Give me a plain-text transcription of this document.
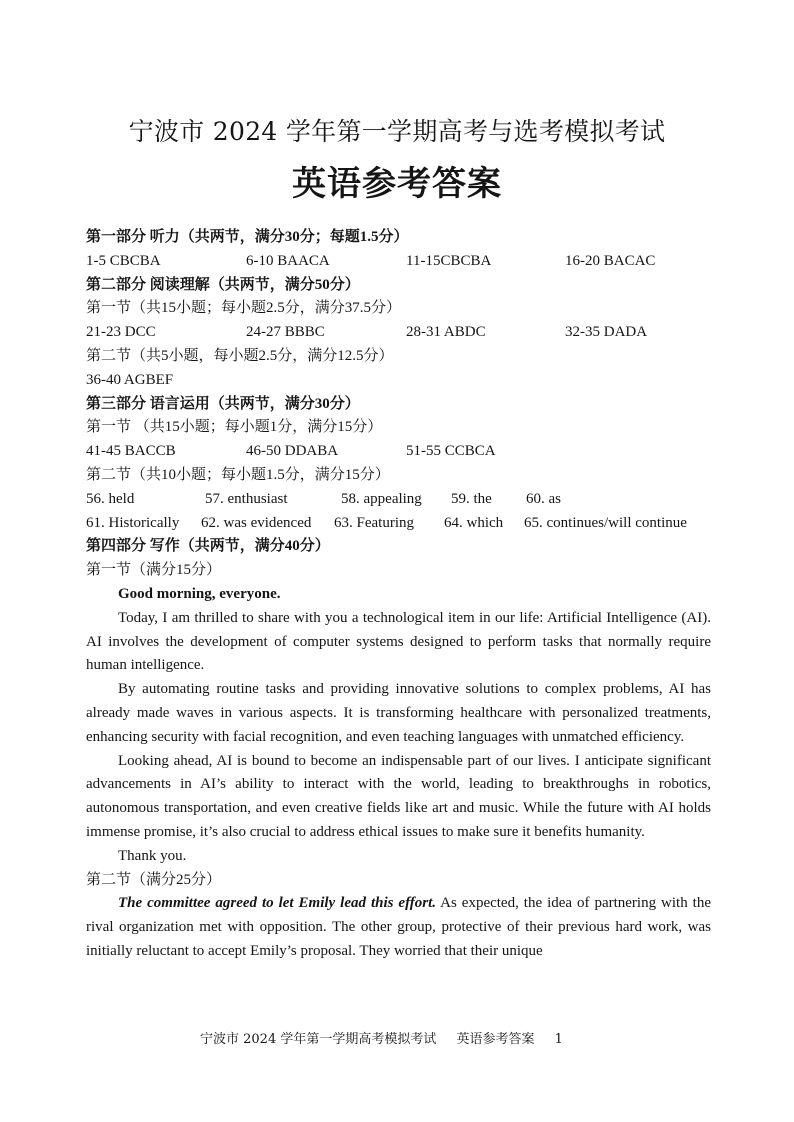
宁波市 2024 学年第一学期高考与选考模拟考试
英语参考答案
第一部分 听力（共两节，满分30分；每题1.5分）
1-5 CBCBA	6-10 BAACA	11-15CBCBA	16-20 BACAC
第二部分 阅读理解（共两节，满分50分）
第一节（共15小题；每小题2.5分，满分37.5分）
21-23 DCC	24-27 BBBC	28-31 ABDC	32-35 DADA
第二节（共5小题，每小题2.5分，满分12.5分）
36-40 AGBEF
第三部分 语言运用（共两节，满分30分）
第一节 （共15小题；每小题1分，满分15分）
41-45 BACCB	46-50 DDABA	51-55 CCBCA
第二节（共10小题；每小题1.5分，满分15分）
56. held	57. enthusiast	58. appealing 59. the 60. as
61. Historically 62. was evidenced 63. Featuring 64. which 65. continues/will continue
第四部分 写作（共两节，满分40分）
第一节（满分15分）
Good morning, everyone.

Today, I am thrilled to share with you a technological item in our life: Artificial Intelligence (AI). AI involves the development of computer systems designed to perform tasks that normally require human intelligence.

By automating routine tasks and providing innovative solutions to complex problems, AI has already made waves in various aspects. It is transforming healthcare with personalized treatments, enhancing security with facial recognition, and even teaching languages with unmatched efficiency.

Looking ahead, AI is bound to become an indispensable part of our lives. I anticipate significant advancements in AI’s ability to interact with the world, leading to breakthroughs in robotics, autonomous transportation, and even creative fields like art and music. While the future with AI holds immense promise, it’s also crucial to address ethical issues to make sure it benefits humanity.

Thank you.
第二节（满分25分）

The committee agreed to let Emily lead this effort. As expected, the idea of partnering with the rival organization met with opposition. The other group, protective of their previous hard work, was initially reluctant to accept Emily’s proposal. They worried that their unique

宁波市 2024 学年第一学期高考模拟考试 英语参考答案 1
